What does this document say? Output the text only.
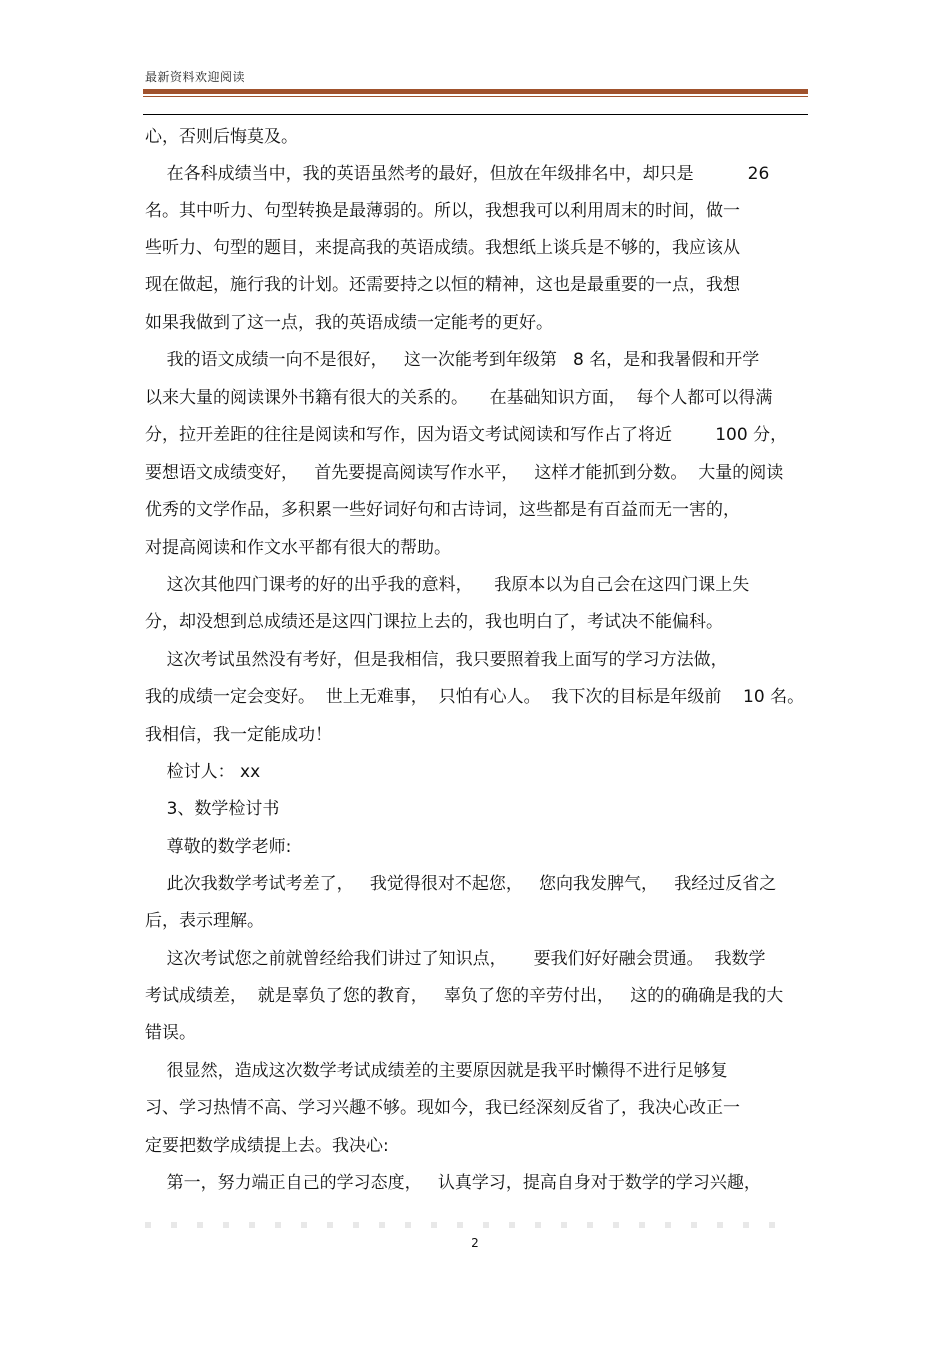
最新资料欢迎阅读
心，否则后悔莫及。
在各科成绩当中，我的英语虽然考的最好，但放在年级排名中，却只是          26
名。其中听力、句型转换是最薄弱的。所以，我想我可以利用周末的时间，做一
些听力、句型的题目，来提高我的英语成绩。我想纸上谈兵是不够的，我应该从
现在做起，施行我的计划。还需要持之以恒的精神，这也是最重要的一点，我想
如果我做到了这一点，我的英语成绩一定能考的更好。
我的语文成绩一向不是很好，   这一次能考到年级第   8 名，是和我暑假和开学
以来大量的阅读课外书籍有很大的关系的。    在基础知识方面，  每个人都可以得满
分，拉开差距的往往是阅读和写作，因为语文考试阅读和写作占了将近        100 分，
要想语文成绩变好，   首先要提高阅读写作水平，   这样才能抓到分数。  大量的阅读
优秀的文学作品，多积累一些好词好句和古诗词，这些都是有百益而无一害的，
对提高阅读和作文水平都有很大的帮助。
这次其他四门课考的好的出乎我的意料，    我原本以为自己会在这四门课上失
分，却没想到总成绩还是这四门课拉上去的，我也明白了，考试决不能偏科。
这次考试虽然没有考好，但是我相信，我只要照着我上面写的学习方法做，
我的成绩一定会变好。  世上无难事，  只怕有心人。  我下次的目标是年级前    10 名。
我相信，我一定能成功！
检讨人： xx
3、数学检讨书
尊敬的数学老师:
此次我数学考试考差了，   我觉得很对不起您，   您向我发脾气，   我经过反省之
后，表示理解。
这次考试您之前就曾经给我们讲过了知识点，     要我们好好融会贯通。  我数学
考试成绩差，  就是辜负了您的教育，   辜负了您的辛劳付出，   这的的确确是我的大
错误。
很显然，造成这次数学考试成绩差的主要原因就是我平时懒得不进行足够复
习、学习热情不高、学习兴趣不够。现如今，我已经深刻反省了，我决心改正一
定要把数学成绩提上去。我决心:
第一，努力端正自己的学习态度，   认真学习，提高自身对于数学的学习兴趣，
2
